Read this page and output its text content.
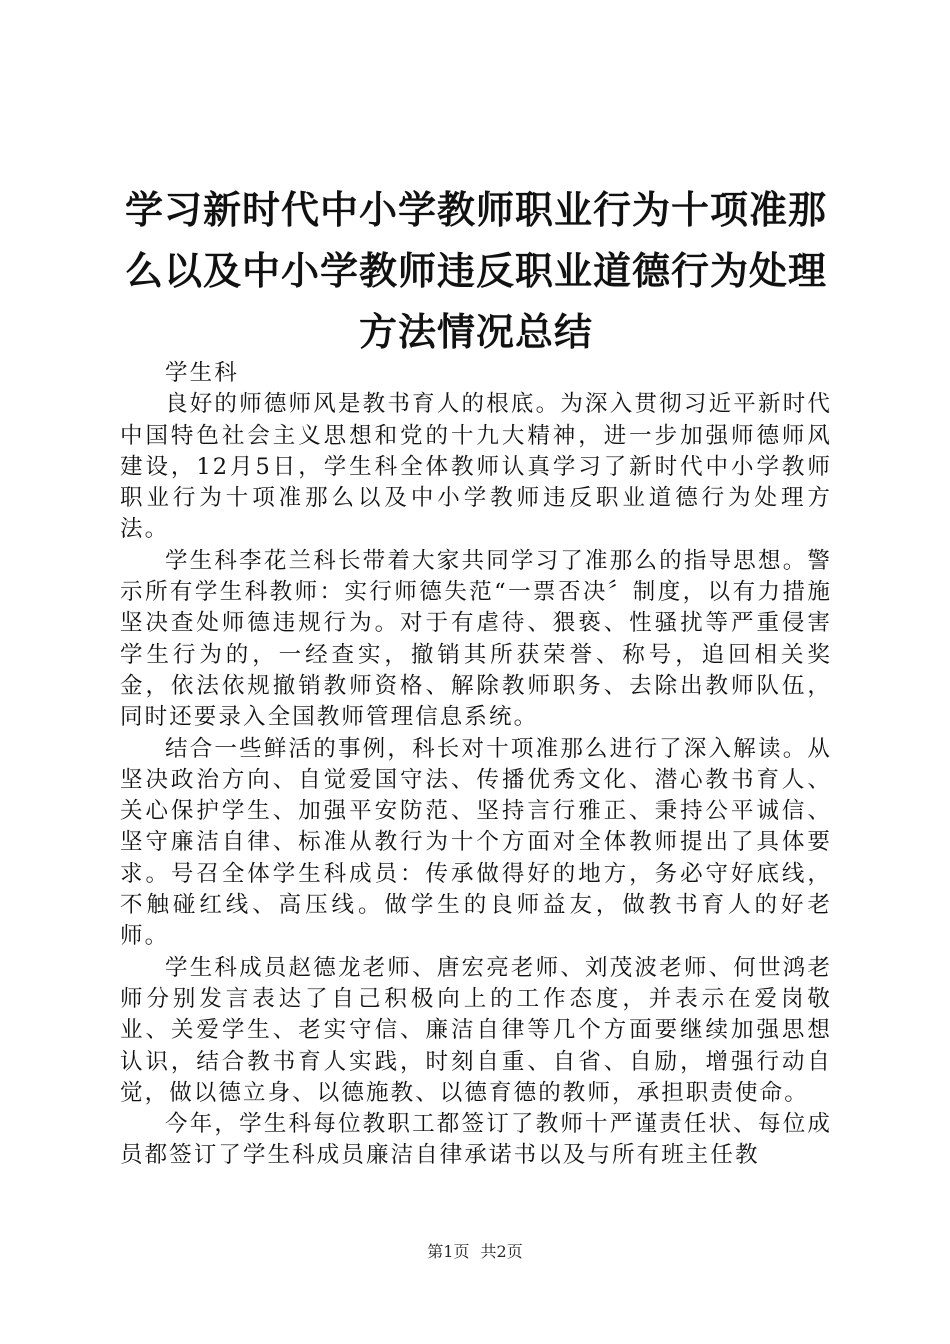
学习新时代中小学教师职业行为十项准那么以及中小学教师违反职业道德行为处理方法情况总结

学生科

良好的师德师风是教书育人的根底。为深入贯彻习近平新时代中国特色社会主义思想和党的十九大精神，进一步加强师德师风建设，12月5日，学生科全体教师认真学习了新时代中小学教师职业行为十项准那么以及中小学教师违反职业道德行为处理方法。

学生科李花兰科长带着大家共同学习了准那么的指导思想。警示所有学生科教师：实行师德失范“一票否决〞制度，以有力措施坚决查处师德违规行为。对于有虐待、猥亵、性骚扰等严重侵害学生行为的，一经查实，撤销其所获荣誉、称号，追回相关奖金，依法依规撤销教师资格、解除教师职务、去除出教师队伍，同时还要录入全国教师管理信息系统。

结合一些鲜活的事例，科长对十项准那么进行了深入解读。从坚决政治方向、自觉爱国守法、传播优秀文化、潜心教书育人、关心保护学生、加强平安防范、坚持言行雅正、秉持公平诚信、坚守廉洁自律、标准从教行为十个方面对全体教师提出了具体要求。号召全体学生科成员：传承做得好的地方，务必守好底线，不触碰红线、高压线。做学生的良师益友，做教书育人的好老师。

学生科成员赵德龙老师、唐宏亮老师、刘茂波老师、何世鸿老师分别发言表达了自己积极向上的工作态度，并表示在爱岗敬业、关爱学生、老实守信、廉洁自律等几个方面要继续加强思想认识，结合教书育人实践，时刻自重、自省、自励，增强行动自觉，做以德立身、以德施教、以德育德的教师，承担职责使命。

今年，学生科每位教职工都签订了教师十严谨责任状、每位成员都签订了学生科成员廉洁自律承诺书以及与所有班主任教

第1页 共2页
